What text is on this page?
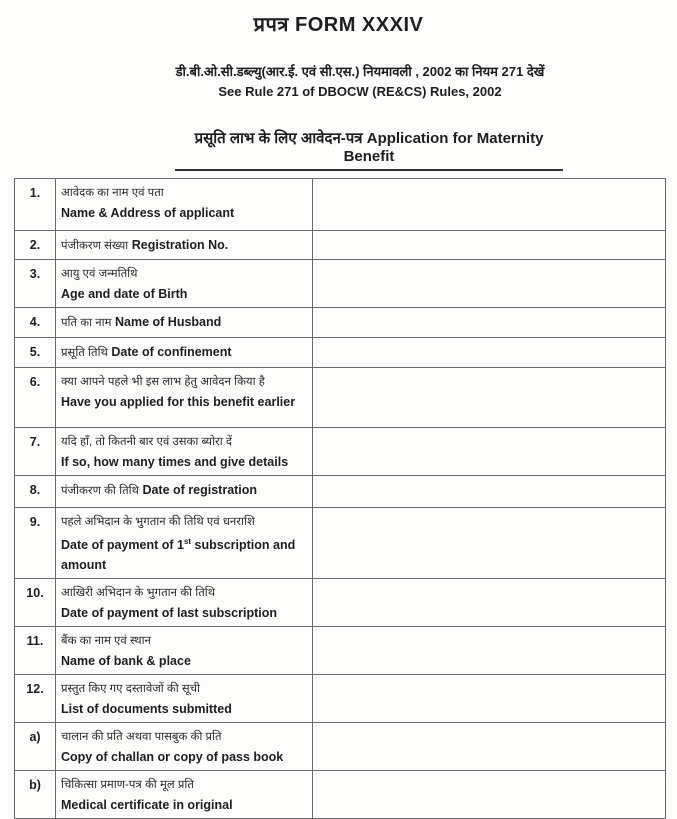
प्रपत्र FORM XXXIV
डी.बी.ओ.सी.डब्ल्यु(आर.ई. एवं सी.एस.) नियमावली , 2002 का नियम 271 देखें
See Rule 271 of DBOCW (RE&CS) Rules, 2002
प्रसूति लाभ के लिए आवेदन-पत्र Application for Maternity Benefit
1.	आवेदक का नाम एवं पता
Name & Address of applicant	

2.	पंजीकरण संख्या Registration No.	
3.	आयु एवं जन्मतिथि
Age and date of Birth	

4.	पति का नाम Name of Husband	
5.	प्रसूति तिथि Date of confinement	
6.	क्या आपने पहले भी इस लाभ हेतु आवेदन किया है
Have you applied for this benefit earlier	

7.	यदि हाँ, तो कितनी बार एवं उसका ब्योरा दें
If so, how many times and give details	

8.	पंजीकरण की तिथि Date of registration	
9.	पहले अभिदान के भुगतान की तिथि एवं धनराशि
Date of payment of 1st subscription and amount	

10.	आखिरी अभिदान के भुगतान की तिथि
Date of payment of last subscription	

11.	बैंक का नाम एवं स्थान
Name of bank & place	

12.	प्रस्तुत किए गए दस्तावेजों की सूची
List of documents submitted	

a)	चालान की प्रति अथवा पासबुक की प्रति
Copy of challan or copy of pass book	

b)	चिकित्सा प्रमाण-पत्र की मूल प्रति
Medical certificate in original	
